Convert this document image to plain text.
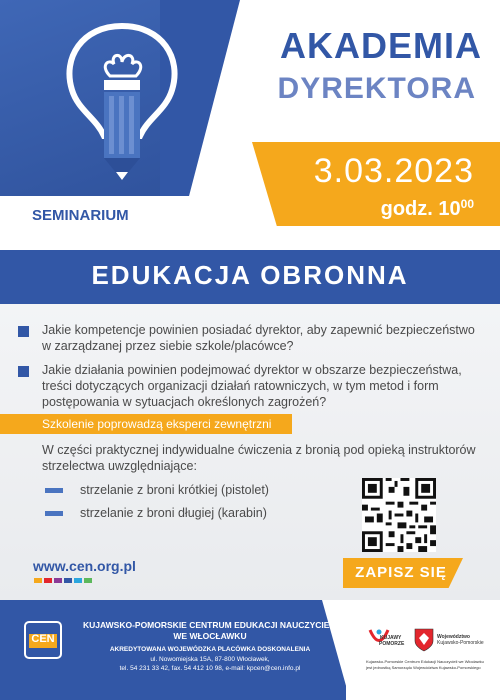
AKADEMIA
DYREKTORA
3.03.2023
godz. $10^{00}$
SEMINARIUM
EDUKACJA OBRONNA
Jakie kompetencje powinien posiadać dyrektor, aby zapewnić bezpieczeństwo
w zarządzanej przez siebie szkole/placówce?
Jakie działania powinien podejmować dyrektor w obszarze bezpieczeństwa,
treści dotyczących organizacji działań ratowniczych, w tym metod i form
postępowania w sytuacjach określonych zagrożeń?
Szkolenie poprowadzą eksperci zewnętrzni
W części praktycznej indywidualne ćwiczenia z bronią pod opieką instruktorów
strzelectwa uwzględniające:
strzelanie z broni krótkiej (pistolet)
strzelanie z broni długiej (karabin)
www.cen.org.pl	ZAPISZ SIĘ
CEN
KUJAWSKO-POMORSKIE CENTRUM EDUKACJI NAUCZYCIELI
WE WŁOCŁAWKU
AKREDYTOWANA WOJEWÓDZKA PLACÓWKA DOSKONALENIA
ul. Nowomiejska 15A, 87-800 Włocławek,
tel. 54 231 33 42, fax. 54 412 10 98, e-mail: kpcen@cen.info.pl
KUJAWY
POMORZE
Województwo
Kujawsko-Pomorskie
Kujawsko-Pomorskie Centrum Edukacji Nauczycieli we Włocławku
jest jednostką Samorządu Województwa Kujawsko-Pomorskiego
